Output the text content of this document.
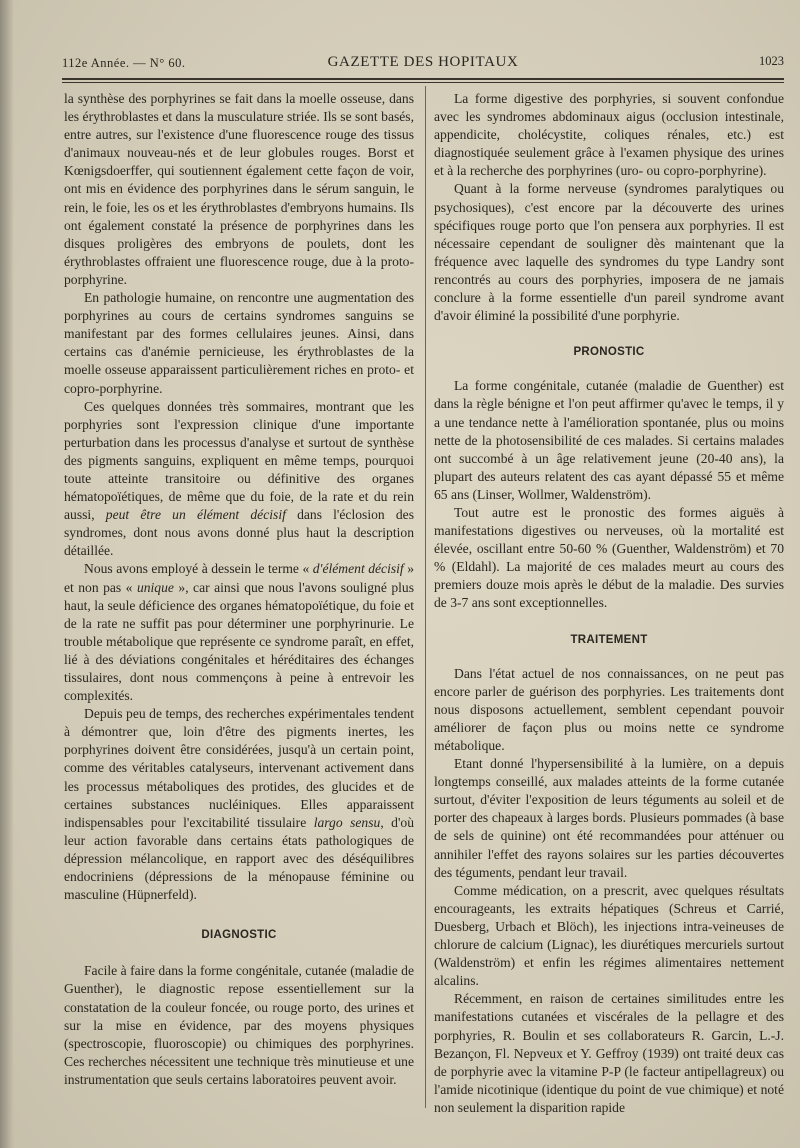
112e Année. — N° 60.	GAZETTE DES HOPITAUX	1023

la synthèse des porphyrines se fait dans la moelle osseuse, dans les érythroblastes et dans la musculature striée. Ils se sont basés, entre autres, sur l'existence d'une fluorescence rouge des tissus d'animaux nouveau-nés et de leur globules rouges. Borst et Kœnigsdoerffer, qui soutiennent également cette façon de voir, ont mis en évidence des porphyrines dans le sérum sanguin, le rein, le foie, les os et les érythroblastes d'embryons humains. Ils ont également constaté la présence de porphyrines dans les disques proligères des embryons de poulets, dont les érythroblastes offraient une fluorescence rouge, due à la proto-porphyrine.

En pathologie humaine, on rencontre une augmentation des porphyrines au cours de certains syndromes sanguins se manifestant par des formes cellulaires jeunes. Ainsi, dans certains cas d'anémie pernicieuse, les érythroblastes de la moelle osseuse apparaissent particulièrement riches en proto- et copro-porphyrine.

Ces quelques données très sommaires, montrant que les porphyries sont l'expression clinique d'une importante perturbation dans les processus d'analyse et surtout de synthèse des pigments sanguins, expliquent en même temps, pourquoi toute atteinte transitoire ou définitive des organes hématopoïétiques, de même que du foie, de la rate et du rein aussi, peut être un élément décisif dans l'éclosion des syndromes, dont nous avons donné plus haut la description détaillée.

Nous avons employé à dessein le terme « d'élément décisif » et non pas « unique », car ainsi que nous l'avons souligné plus haut, la seule déficience des organes hématopoïétique, du foie et de la rate ne suffit pas pour déterminer une porphyrinurie. Le trouble métabolique que représente ce syndrome paraît, en effet, lié à des déviations congénitales et héréditaires des échanges tissulaires, dont nous commençons à peine à entrevoir les complexités.

Depuis peu de temps, des recherches expérimentales tendent à démontrer que, loin d'être des pigments inertes, les porphyrines doivent être considérées, jusqu'à un certain point, comme des véritables catalyseurs, intervenant activement dans les processus métaboliques des protides, des glucides et de certaines substances nucléiniques. Elles apparaissent indispensables pour l'excitabilité tissulaire largo sensu, d'où leur action favorable dans certains états pathologiques de dépression mélancolique, en rapport avec des déséquilibres endocriniens (dépressions de la ménopause féminine ou masculine (Hüpnerfeld).

DIAGNOSTIC

Facile à faire dans la forme congénitale, cutanée (maladie de Guenther), le diagnostic repose essentiellement sur la constatation de la couleur foncée, ou rouge porto, des urines et sur la mise en évidence, par des moyens physiques (spectroscopie, fluoroscopie) ou chimiques des porphyrines. Ces recherches nécessitent une technique très minutieuse et une instrumentation que seuls certains laboratoires peuvent avoir.

La forme digestive des porphyries, si souvent confondue avec les syndromes abdominaux aigus (occlusion intestinale, appendicite, cholécystite, coliques rénales, etc.) est diagnostiquée seulement grâce à l'examen physique des urines et à la recherche des porphyrines (uro- ou copro-porphyrine).

Quant à la forme nerveuse (syndromes paralytiques ou psychosiques), c'est encore par la découverte des urines spécifiques rouge porto que l'on pensera aux porphyries. Il est nécessaire cependant de souligner dès maintenant que la fréquence avec laquelle des syndromes du type Landry sont rencontrés au cours des porphyries, imposera de ne jamais conclure à la forme essentielle d'un pareil syndrome avant d'avoir éliminé la possibilité d'une porphyrie.

PRONOSTIC

La forme congénitale, cutanée (maladie de Guenther) est dans la règle bénigne et l'on peut affirmer qu'avec le temps, il y a une tendance nette à l'amélioration spontanée, plus ou moins nette de la photosensibilité de ces malades. Si certains malades ont succombé à un âge relativement jeune (20-40 ans), la plupart des auteurs relatent des cas ayant dépassé 55 et même 65 ans (Linser, Wollmer, Waldenström).

Tout autre est le pronostic des formes aiguës à manifestations digestives ou nerveuses, où la mortalité est élevée, oscillant entre 50-60 % (Guenther, Waldenström) et 70 % (Eldahl). La majorité de ces malades meurt au cours des premiers douze mois après le début de la maladie. Des survies de 3-7 ans sont exceptionnelles.

TRAITEMENT

Dans l'état actuel de nos connaissances, on ne peut pas encore parler de guérison des porphyries. Les traitements dont nous disposons actuellement, semblent cependant pouvoir améliorer de façon plus ou moins nette ce syndrome métabolique.

Etant donné l'hypersensibilité à la lumière, on a depuis longtemps conseillé, aux malades atteints de la forme cutanée surtout, d'éviter l'exposition de leurs téguments au soleil et de porter des chapeaux à larges bords. Plusieurs pommades (à base de sels de quinine) ont été recommandées pour atténuer ou annihiler l'effet des rayons solaires sur les parties découvertes des téguments, pendant leur travail.

Comme médication, on a prescrit, avec quelques résultats encourageants, les extraits hépatiques (Schreus et Carrié, Duesberg, Urbach et Blöch), les injections intra-veineuses de chlorure de calcium (Lignac), les diurétiques mercuriels surtout (Waldenström) et enfin les régimes alimentaires nettement alcalins.

Récemment, en raison de certaines similitudes entre les manifestations cutanées et viscérales de la pellagre et des porphyries, R. Boulin et ses collaborateurs R. Garcin, L.-J. Bezançon, Fl. Nepveux et Y. Geffroy (1939) ont traité deux cas de porphyrie avec la vitamine P-P (le facteur antipellagreux) ou l'amide nicotinique (identique du point de vue chimique) et noté non seulement la disparition rapide
